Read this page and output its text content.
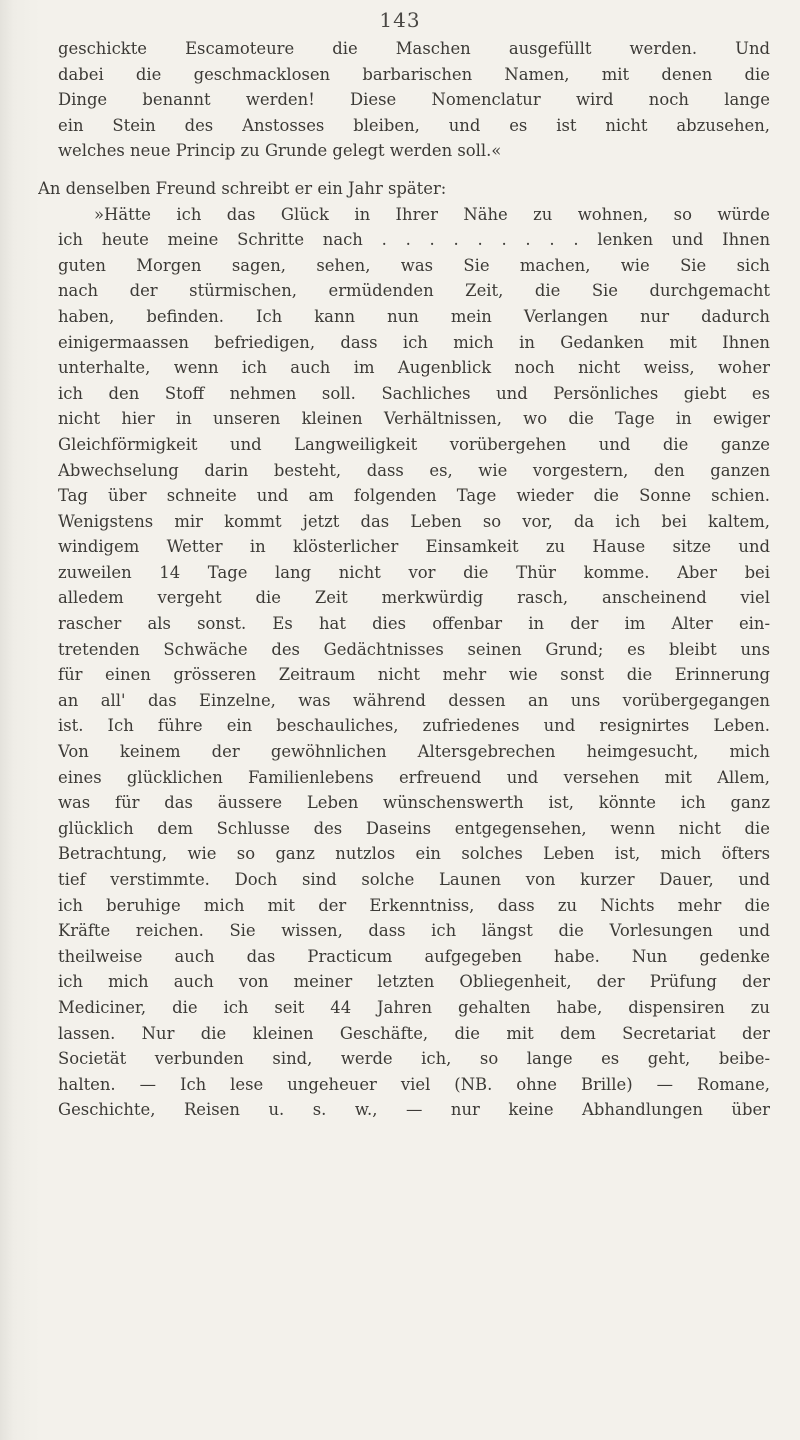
143
geschickte Escamoteure die Maschen ausgefüllt werden. Und
dabei die geschmacklosen barbarischen Namen, mit denen die
Dinge benannt werden! Diese Nomenclatur wird noch lange
ein Stein des Anstosses bleiben, und es ist nicht abzusehen,
welches neue Princip zu Grunde gelegt werden soll.«
An denselben Freund schreibt er ein Jahr später:
»Hätte ich das Glück in Ihrer Nähe zu wohnen, so würde
ich heute meine Schritte nach . . . . . . . . . lenken und Ihnen
guten Morgen sagen, sehen, was Sie machen, wie Sie sich
nach der stürmischen, ermüdenden Zeit, die Sie durchgemacht
haben, befinden. Ich kann nun mein Verlangen nur dadurch
einigermaassen befriedigen, dass ich mich in Gedanken mit Ihnen
unterhalte, wenn ich auch im Augenblick noch nicht weiss, woher
ich den Stoff nehmen soll. Sachliches und Persönliches giebt es
nicht hier in unseren kleinen Verhältnissen, wo die Tage in ewiger
Gleichförmigkeit und Langweiligkeit vorübergehen und die ganze
Abwechselung darin besteht, dass es, wie vorgestern, den ganzen
Tag über schneite und am folgenden Tage wieder die Sonne schien.
Wenigstens mir kommt jetzt das Leben so vor, da ich bei kaltem,
windigem Wetter in klösterlicher Einsamkeit zu Hause sitze und
zuweilen 14 Tage lang nicht vor die Thür komme. Aber bei
alledem vergeht die Zeit merkwürdig rasch, anscheinend viel
rascher als sonst. Es hat dies offenbar in der im Alter ein-
tretenden Schwäche des Gedächtnisses seinen Grund; es bleibt uns
für einen grösseren Zeitraum nicht mehr wie sonst die Erinnerung
an all' das Einzelne, was während dessen an uns vorübergegangen
ist. Ich führe ein beschauliches, zufriedenes und resignirtes Leben.
Von keinem der gewöhnlichen Altersgebrechen heimgesucht, mich
eines glücklichen Familienlebens erfreuend und versehen mit Allem,
was für das äussere Leben wünschenswerth ist, könnte ich ganz
glücklich dem Schlusse des Daseins entgegensehen, wenn nicht die
Betrachtung, wie so ganz nutzlos ein solches Leben ist, mich öfters
tief verstimmte. Doch sind solche Launen von kurzer Dauer, und
ich beruhige mich mit der Erkenntniss, dass zu Nichts mehr die
Kräfte reichen. Sie wissen, dass ich längst die Vorlesungen und
theilweise auch das Practicum aufgegeben habe. Nun gedenke
ich mich auch von meiner letzten Obliegenheit, der Prüfung der
Mediciner, die ich seit 44 Jahren gehalten habe, dispensiren zu
lassen. Nur die kleinen Geschäfte, die mit dem Secretariat der
Societät verbunden sind, werde ich, so lange es geht, beibe-
halten. — Ich lese ungeheuer viel (NB. ohne Brille) — Romane,
Geschichte, Reisen u. s. w., — nur keine Abhandlungen über
